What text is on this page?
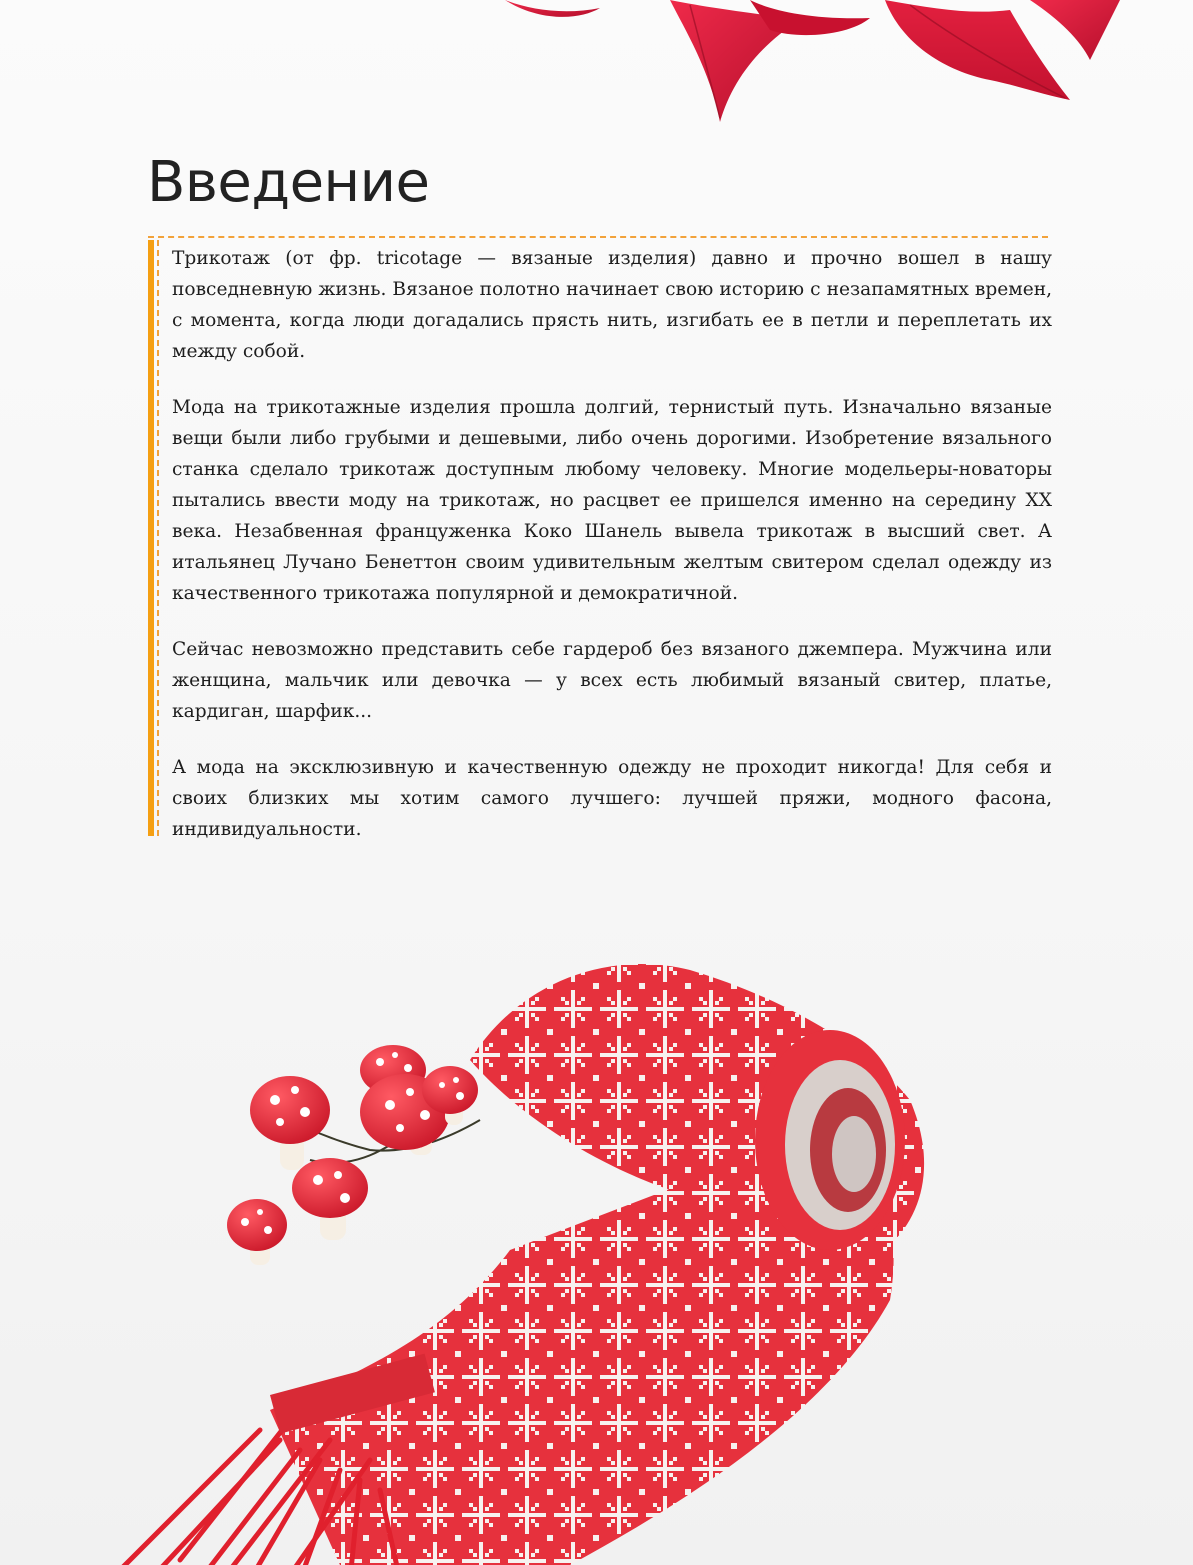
Введение

Трикотаж (от фр. tricotage — вязаные изделия) давно и прочно вошел в нашу повседневную жизнь. Вязаное полотно начинает свою историю с незапамятных времен, с момента, когда люди догадались прясть нить, изгибать ее в петли и переплетать их между собой.

Мода на трикотажные изделия прошла долгий, тернистый путь. Изначально вязаные вещи были либо грубыми и дешевыми, либо очень дорогими. Изобретение вязального станка сделало трикотаж доступным любому человеку. Многие модельеры-новаторы пытались ввести моду на трикотаж, но расцвет ее пришелся именно на середину XX века. Незабвенная француженка Коко Шанель вывела трикотаж в высший свет. А итальянец Лучано Бенеттон своим удивительным желтым свитером сделал одежду из качественного трикотажа популярной и демократичной.

Сейчас невозможно представить себе гардероб без вязаного джемпера. Мужчина или женщина, мальчик или девочка — у всех есть любимый вязаный свитер, платье, кардиган, шарфик...

А мода на эксклюзивную и качественную одежду не проходит никогда! Для себя и своих близких мы хотим самого лучшего: лучшей пряжи, модного фасона, индивидуальности.
